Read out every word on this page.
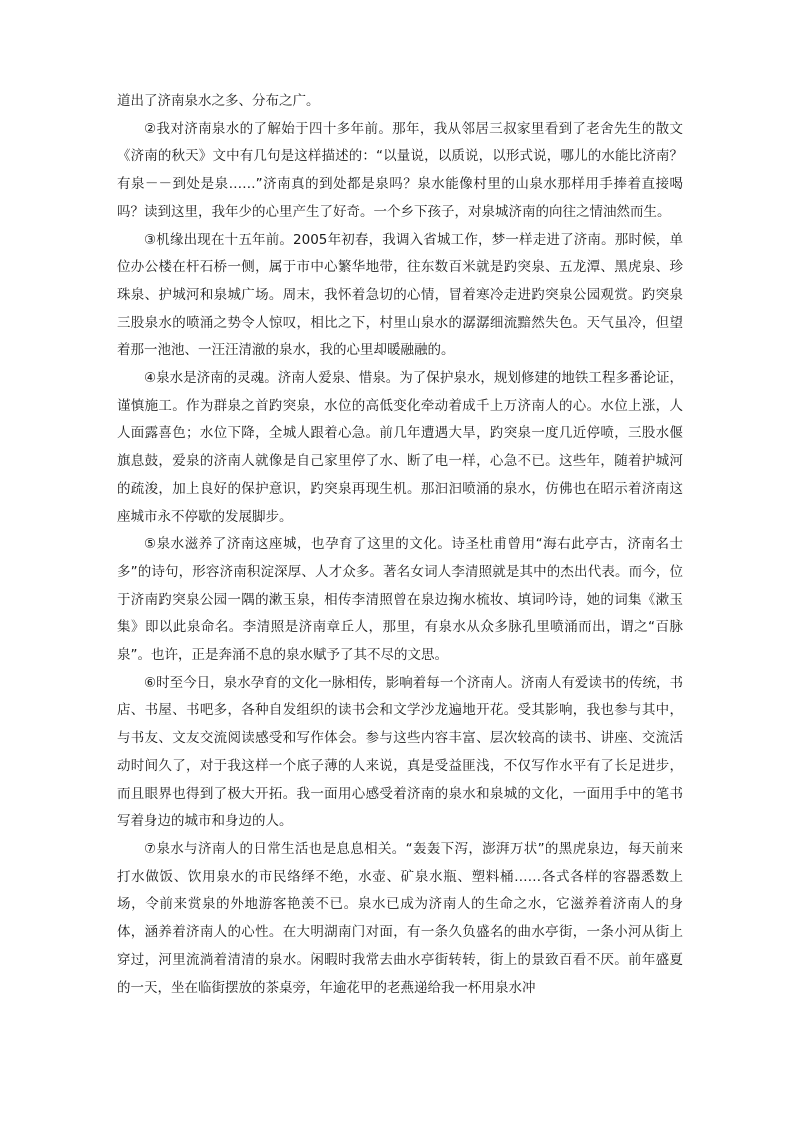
道出了济南泉水之多、分布之广。

②我对济南泉水的了解始于四十多年前。那年，我从邻居三叔家里看到了老舍先生的散文《济南的秋天》文中有几句是这样描述的：“以量说，以质说，以形式说，哪儿的水能比济南？有泉－－到处是泉……”济南真的到处都是泉吗？泉水能像村里的山泉水那样用手捧着直接喝吗？读到这里，我年少的心里产生了好奇。一个乡下孩子，对泉城济南的向往之情油然而生。

③机缘出现在十五年前。2005年初春，我调入省城工作，梦一样走进了济南。那时候，单位办公楼在杆石桥一侧，属于市中心繁华地带，往东数百米就是趵突泉、五龙潭、黑虎泉、珍珠泉、护城河和泉城广场。周末，我怀着急切的心情，冒着寒冷走进趵突泉公园观赏。趵突泉三股泉水的喷涌之势令人惊叹，相比之下，村里山泉水的潺潺细流黯然失色。天气虽冷，但望着那一池池、一汪汪清澈的泉水，我的心里却暖融融的。

④泉水是济南的灵魂。济南人爱泉、惜泉。为了保护泉水，规划修建的地铁工程多番论证，谨慎施工。作为群泉之首趵突泉，水位的高低变化牵动着成千上万济南人的心。水位上涨，人人面露喜色；水位下降，全城人跟着心急。前几年遭遇大旱，趵突泉一度几近停喷，三股水偃旗息鼓，爱泉的济南人就像是自己家里停了水、断了电一样，心急不已。这些年，随着护城河的疏浚，加上良好的保护意识，趵突泉再现生机。那汩汩喷涌的泉水，仿佛也在昭示着济南这座城市永不停歇的发展脚步。

⑤泉水滋养了济南这座城，也孕育了这里的文化。诗圣杜甫曾用“海右此亭古，济南名士多”的诗句，形容济南积淀深厚、人才众多。著名女词人李清照就是其中的杰出代表。而今，位于济南趵突泉公园一隅的漱玉泉，相传李清照曾在泉边掬水梳妆、填词吟诗，她的词集《漱玉集》即以此泉命名。李清照是济南章丘人，那里，有泉水从众多脉孔里喷涌而出，谓之“百脉泉”。也许，正是奔涌不息的泉水赋予了其不尽的文思。

⑥时至今日，泉水孕育的文化一脉相传，影响着每一个济南人。济南人有爱读书的传统，书店、书屋、书吧多，各种自发组织的读书会和文学沙龙遍地开花。受其影响，我也参与其中，与书友、文友交流阅读感受和写作体会。参与这些内容丰富、层次较高的读书、讲座、交流活动时间久了，对于我这样一个底子薄的人来说，真是受益匪浅，不仅写作水平有了长足进步，而且眼界也得到了极大开拓。我一面用心感受着济南的泉水和泉城的文化，一面用手中的笔书写着身边的城市和身边的人。

⑦泉水与济南人的日常生活也是息息相关。“轰轰下泻，澎湃万状”的黑虎泉边，每天前来打水做饭、饮用泉水的市民络绎不绝，水壶、矿泉水瓶、塑料桶……各式各样的容器悉数上场，令前来赏泉的外地游客艳羡不已。泉水已成为济南人的生命之水，它滋养着济南人的身体，涵养着济南人的心性。在大明湖南门对面，有一条久负盛名的曲水亭街，一条小河从街上穿过，河里流淌着清清的泉水。闲暇时我常去曲水亭街转转，街上的景致百看不厌。前年盛夏的一天，坐在临街摆放的茶桌旁，年逾花甲的老燕递给我一杯用泉水冲
